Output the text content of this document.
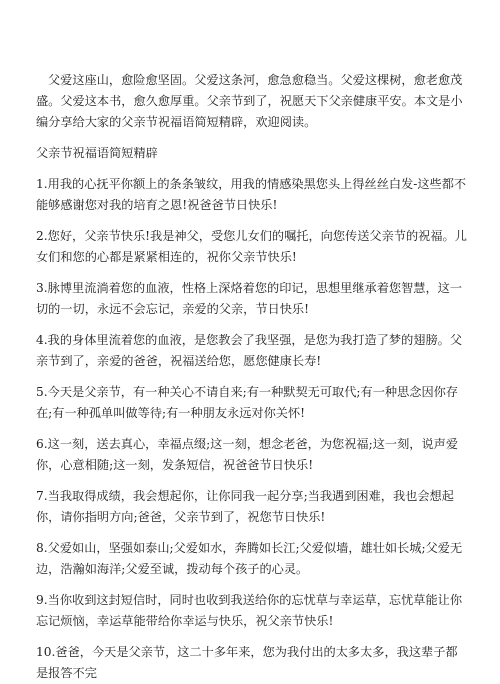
父爱这座山，愈险愈坚固。父爱这条河，愈急愈稳当。父爱这棵树，愈老愈茂盛。父爱这本书，愈久愈厚重。父亲节到了，祝愿天下父亲健康平安。本文是小编分享给大家的父亲节祝福语简短精辟，欢迎阅读。

父亲节祝福语简短精辟

1.用我的心抚平你额上的条条皱纹，用我的情感染黑您头上得丝丝白发-这些都不能够感谢您对我的培育之恩!祝爸爸节日快乐!

2.您好，父亲节快乐!我是神父，受您儿女们的嘱托，向您传送父亲节的祝福。儿女们和您的心都是紧紧相连的，祝你父亲节快乐!

3.脉博里流淌着您的血液，性格上深烙着您的印记，思想里继承着您智慧，这一切的一切，永远不会忘记，亲爱的父亲，节日快乐!

4.我的身体里流着您的血液，是您教会了我坚强，是您为我打造了梦的翅膀。父亲节到了，亲爱的爸爸，祝福送给您，愿您健康长寿!

5.今天是父亲节，有一种关心不请自来;有一种默契无可取代;有一种思念因你存在;有一种孤单叫做等待;有一种朋友永远对你关怀!

6.这一刻，送去真心，幸福点缀;这一刻，想念老爸，为您祝福;这一刻，说声爱你，心意相随;这一刻，发条短信，祝爸爸节日快乐!

7.当我取得成绩，我会想起你，让你同我一起分享;当我遇到困难，我也会想起你，请你指明方向;爸爸，父亲节到了，祝您节日快乐!

8.父爱如山，坚强如泰山;父爱如水，奔腾如长江;父爱似墙，雄壮如长城;父爱无边，浩瀚如海洋;父爱至诚，拨动每个孩子的心灵。

9.当你收到这封短信时，同时也收到我送给你的忘忧草与幸运草，忘忧草能让你忘记烦恼，幸运草能带给你幸运与快乐，祝父亲节快乐!

10.爸爸，今天是父亲节，这二十多年来，您为我付出的太多太多，我这辈子都是报答不完
